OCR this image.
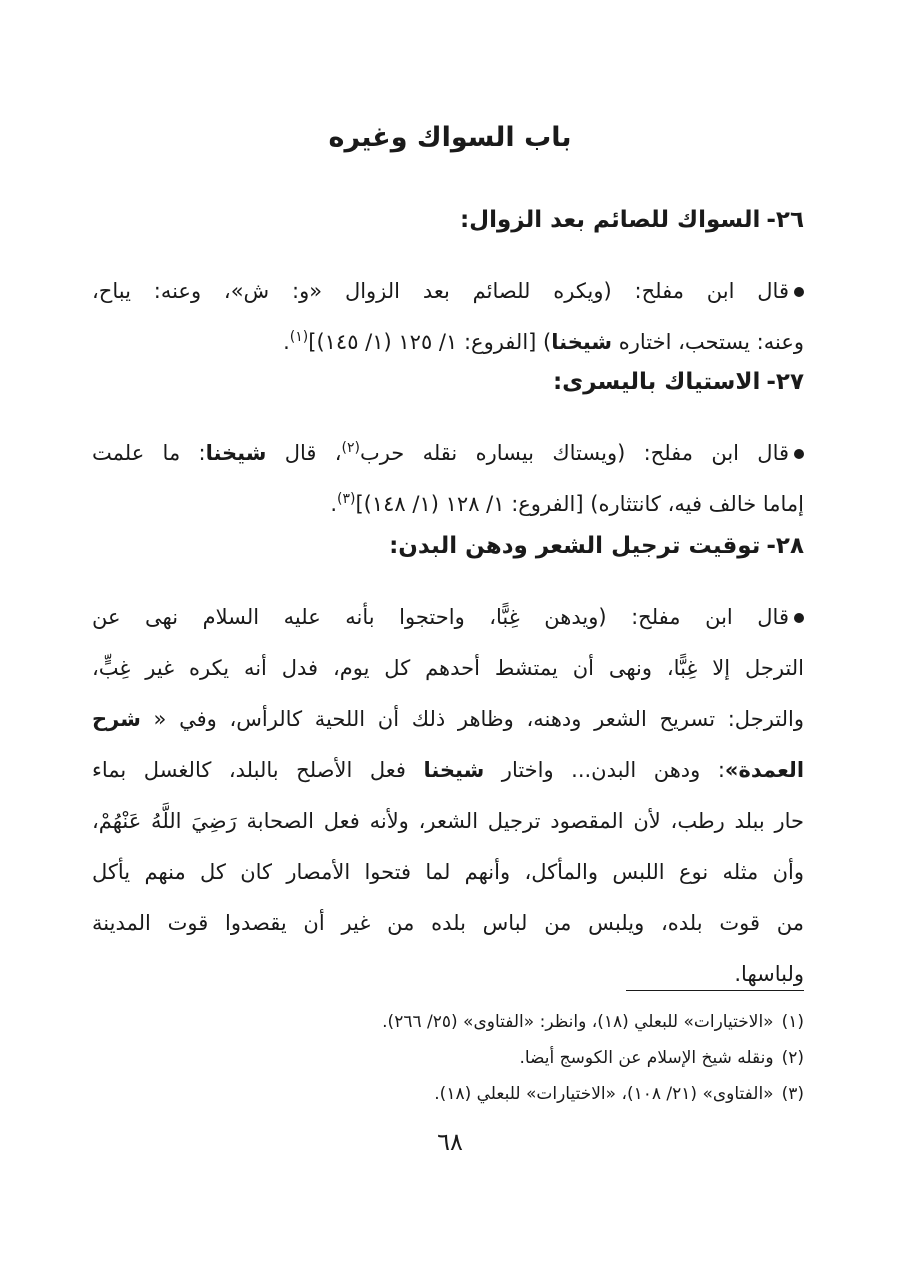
باب السواك وغيره
٢٦-السواك للصائم بعد الزوال:
قال ابن مفلح: (ويكره للصائم بعد الزوال «و: ش»، وعنه: يباح،
وعنه: يستحب، اختاره شيخنا) [الفروع: ١/ ١٢٥ (١/ ١٤٥)]$^{(١)}$.
٢٧-الاستياك باليسرى:
قال ابن مفلح: (ويستاك بيساره نقله حرب$^{(٢)}$، قال شيخنا: ما علمت
إماما خالف فيه، كانتثاره) [الفروع: ١/ ١٢٨ (١/ ١٤٨)]$^{(٣)}$.
٢٨-توقيت ترجيل الشعر ودهن البدن:
قال ابن مفلح: (ويدهن غِبًّا، واحتجوا بأنه عليه السلام نهى عن
الترجل إلا غِبًّا، ونهى أن يمتشط أحدهم كل يوم، فدل أنه يكره غير غِبٍّ،
والترجل: تسريح الشعر ودهنه، وظاهر ذلك أن اللحية كالرأس، وفي « شرح
العمدة»: ودهن البدن... واختار شيخنا فعل الأصلح بالبلد، كالغسل بماء
حار ببلد رطب، لأن المقصود ترجيل الشعر، ولأنه فعل الصحابة رَضِيَ اللَّهُ عَنْهُمْ،
وأن مثله نوع اللبس والمأكل، وأنهم لما فتحوا الأمصار كان كل منهم يأكل
من قوت بلده، ويلبس من لباس بلده من غير أن يقصدوا قوت المدينة
ولباسها.
(١)«الاختيارات» للبعلي (١٨)، وانظر: «الفتاوى» (٢٥/ ٢٦٦).
(٢)ونقله شيخ الإسلام عن الكوسج أيضا.
(٣)«الفتاوى» (٢١/ ١٠٨)، «الاختيارات» للبعلي (١٨).
٦٨
